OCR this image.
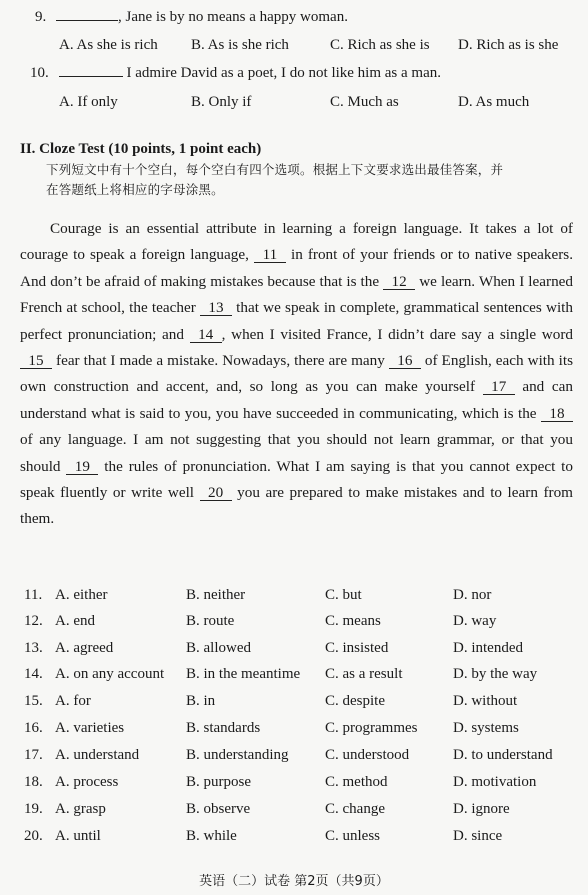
9.	, Jane is by no means a happy woman.
A. As she is rich B. As is she rich	C. Rich as she is D. Rich as is she
10.	I admire David as a poet, I do not like him as a man.
A. If only	B. Only if	C. Much as	D. As much
II. Cloze Test (10 points, 1 point each)
下列短文中有十个空白，每个空白有四个选项。根据上下文要求选出最佳答案，并
在答题纸上将相应的字母涂黑。
Courage is an essential attribute in learning a foreign language. It takes a lot of courage to speak a foreign language, 11 in front of your friends or to native speakers. And don’t be afraid of making mistakes because that is the 12 we learn. When I learned French at school, the teacher 13 that we speak in complete, grammatical sentences with perfect pronunciation; and 14 , when I visited France, I didn’t dare say a single word 15 fear that I made a mistake. Nowadays, there are many 16 of English, each with its own construction and accent, and, so long as you can make yourself 17 and can understand what is said to you, you have succeeded in communicating, which is the 18 of any language. I am not suggesting that you should not learn grammar, or that you should 19 the rules of pronunciation. What I am saying is that you cannot expect to speak fluently or write well 20 you are prepared to make mistakes and to learn from them.
11. A. either	B. neither	C. but	D. nor
12. A. end	B. route	C. means	D. way
13. A. agreed	B. allowed	C. insisted	D. intended
14. A. on any account B. in the meantime C. as a result	D. by the way
15. A. for	B. in	C. despite	D. without
16. A. varieties	B. standards	C. programmes D. systems
17. A. understand	B. understanding C. understood	D. to understand
18. A. process	B. purpose	C. method	D. motivation
19. A. grasp	B. observe	C. change	D. ignore
20. A. until	B. while	C. unless	D. since
英语（二）试卷 第2页（共9页）
